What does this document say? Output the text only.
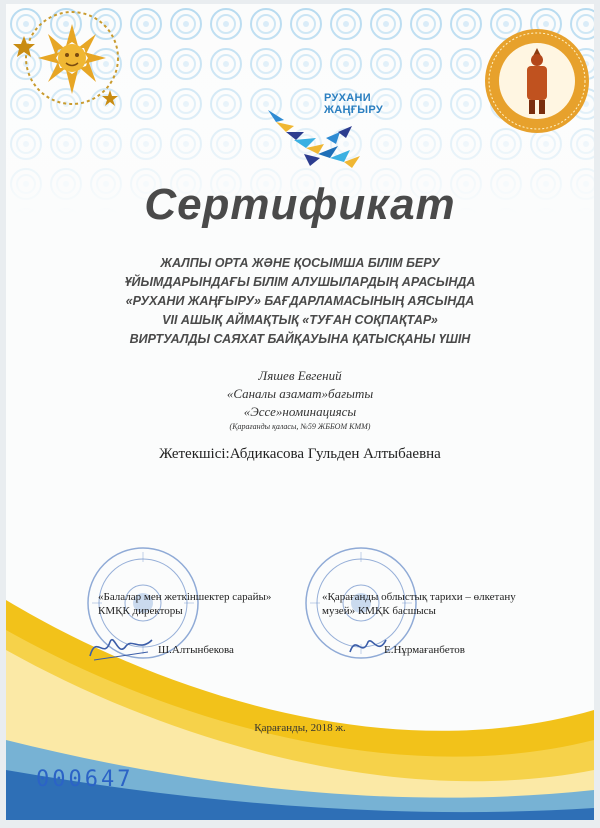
РУХАНИ
ЖАҢҒЫРУ
Сертификат
ЖАЛПЫ ОРТА ЖӘНЕ ҚОСЫМША БІЛІМ БЕРУ
ҰЙЫМДАРЫНДАҒЫ БІЛІМ АЛУШЫЛАРДЫҢ АРАСЫНДА
«РУХАНИ ЖАҢҒЫРУ» БАҒДАРЛАМАСЫНЫҢ АЯСЫНДА
VII АШЫҚ АЙМАҚТЫҚ «ТУҒАН СОҚПАҚТАР»
ВИРТУАЛДЫ САЯХАТ БАЙҚАУЫНА ҚАТЫСҚАНЫ ҮШІН
Ляшев Евгений
«Саналы азамат»бағыты
«Эссе»номинациясы
(Қарағанды қаласы, №59 ЖББОМ КММ)
Жетекшісі:Абдикасова Гульден Алтыбаевна
«Балалар мен жеткіншектер сарайы»
КМҚК директоры
Ш.Алтынбекова
«Қарағанды облыстық тарихи – өлкетану
музей» КМҚК басшысы
Е.Нұрмағанбетов
Қарағанды, 2018 ж.
000647
